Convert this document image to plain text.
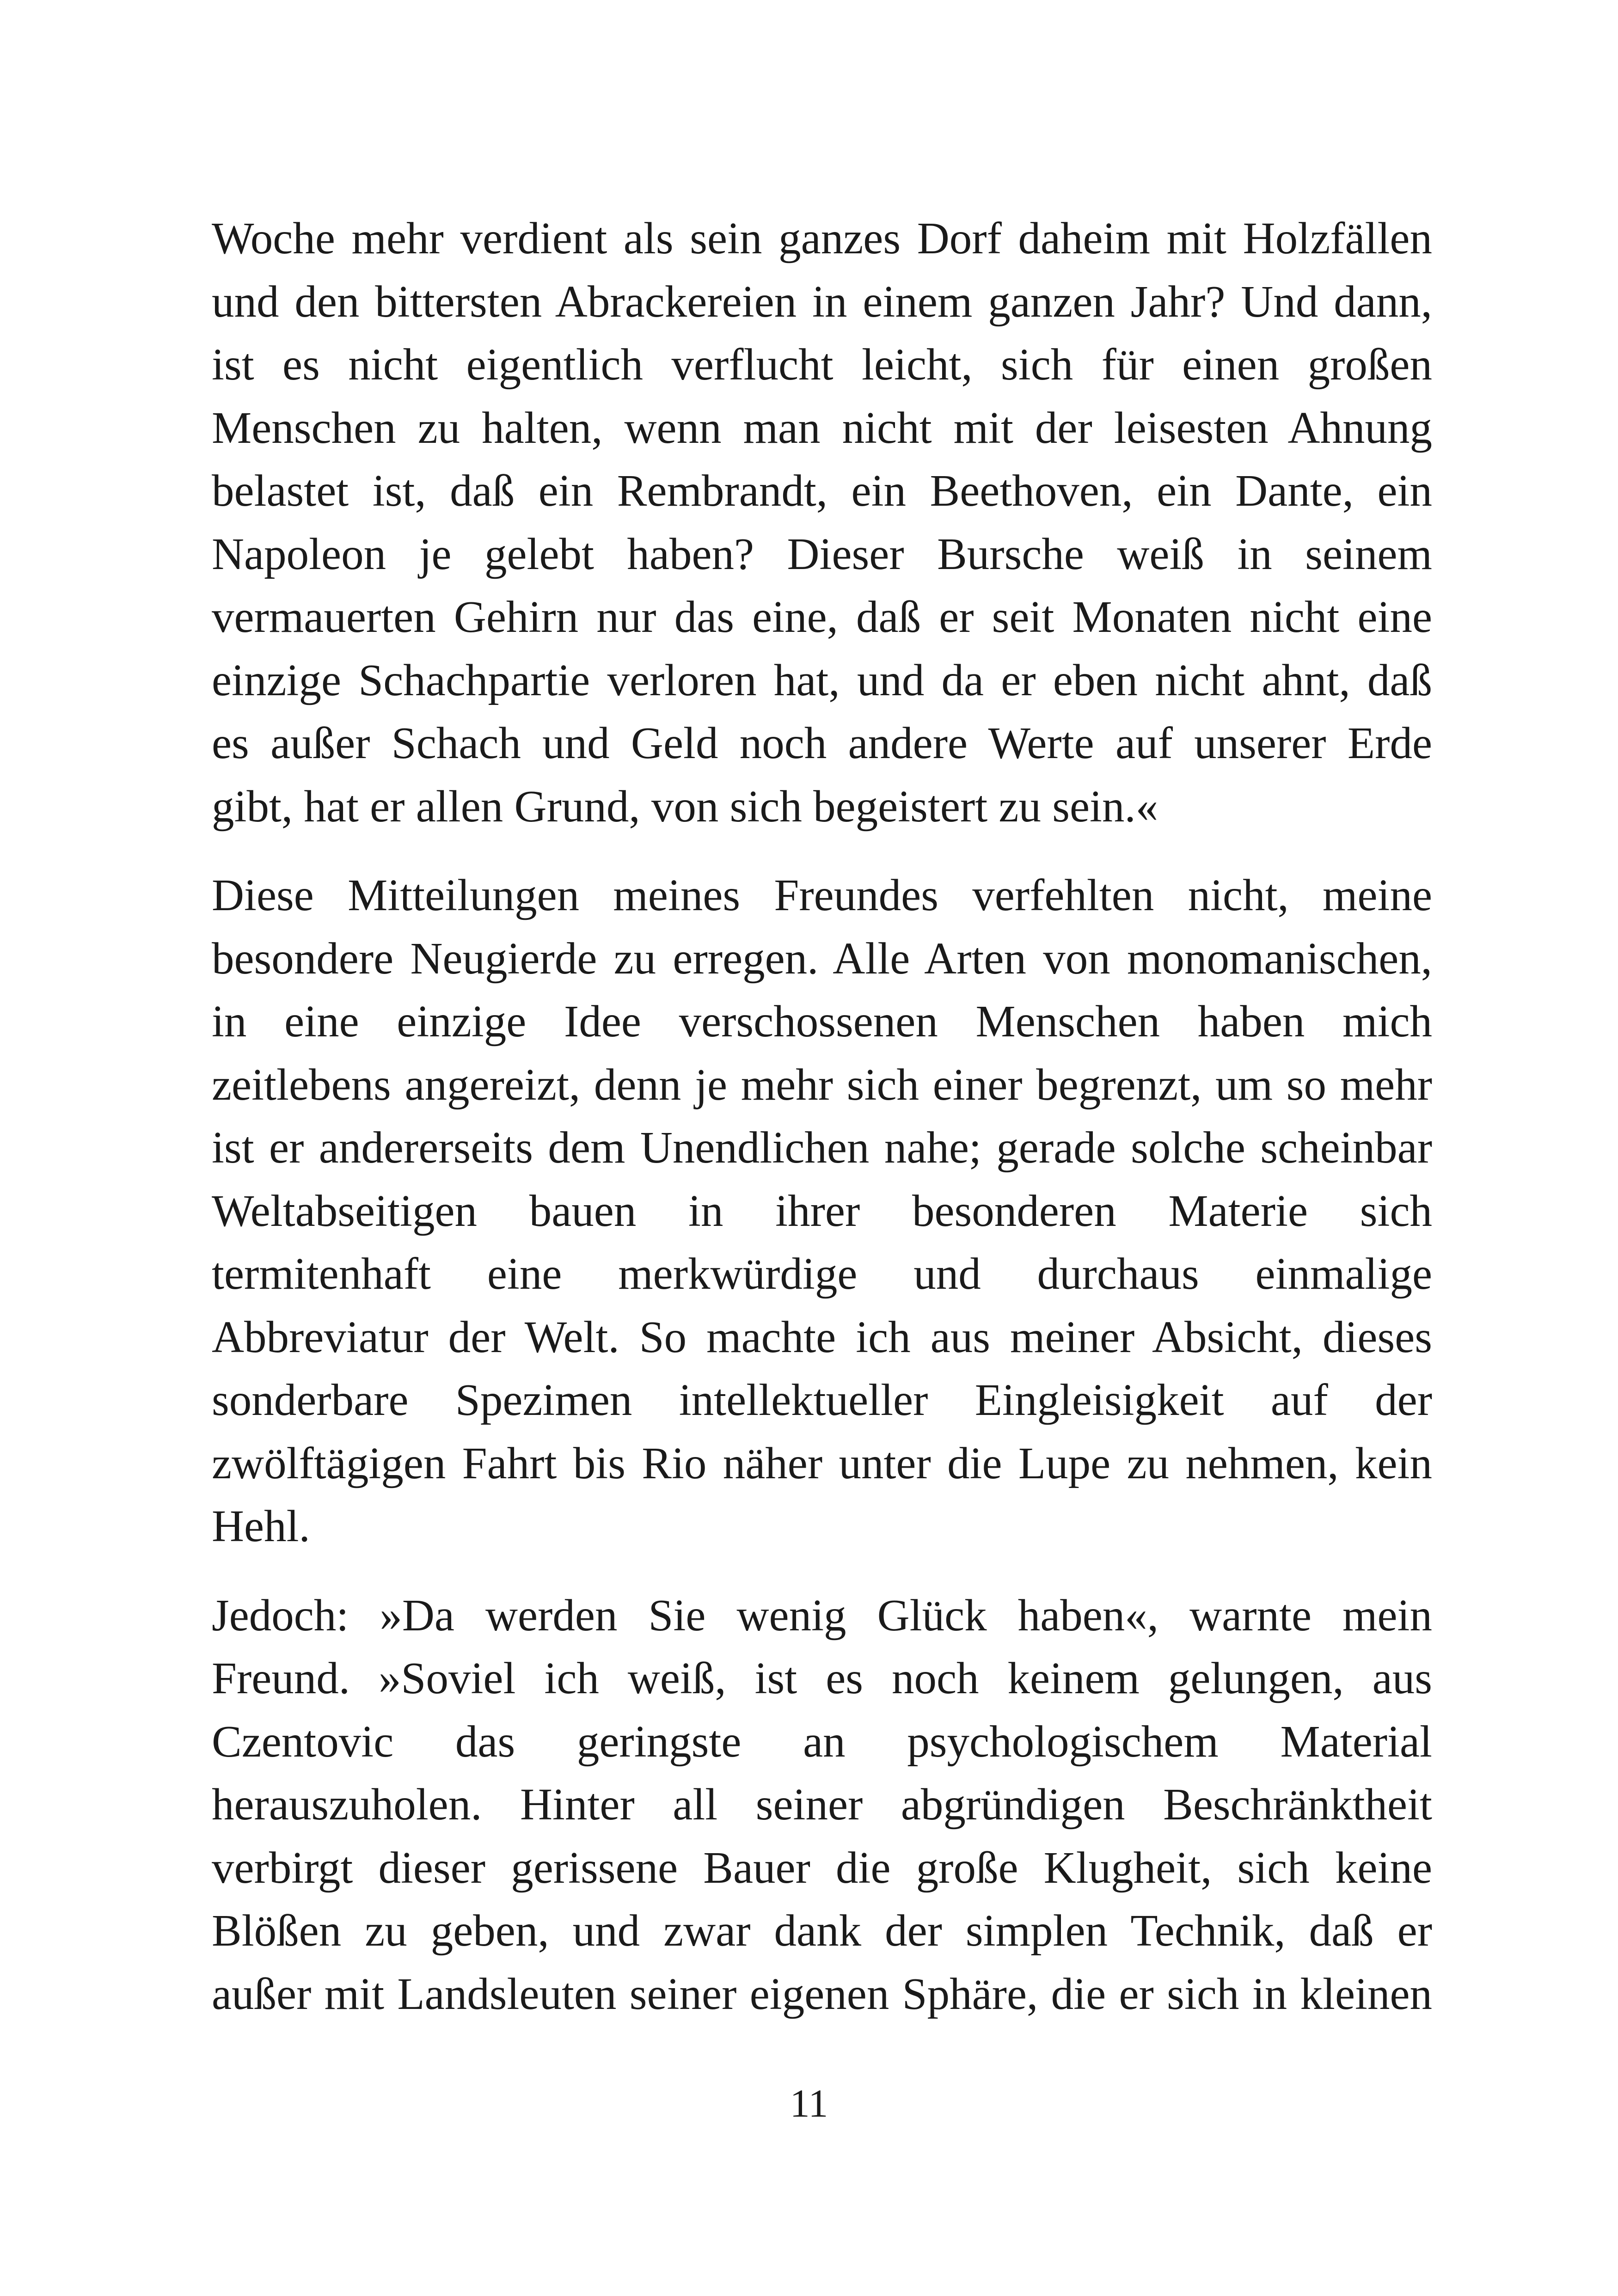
Woche mehr verdient als sein ganzes Dorf daheim mit Holzfällen
und den bittersten Abrackereien in einem ganzen Jahr? Und dann,
ist es nicht eigentlich verflucht leicht, sich für einen großen
Menschen zu halten, wenn man nicht mit der leisesten Ahnung
belastet ist, daß ein Rembrandt, ein Beethoven, ein Dante, ein
Napoleon je gelebt haben? Dieser Bursche weiß in seinem
vermauerten Gehirn nur das eine, daß er seit Monaten nicht eine
einzige Schachpartie verloren hat, und da er eben nicht ahnt, daß
es außer Schach und Geld noch andere Werte auf unserer Erde
gibt, hat er allen Grund, von sich begeistert zu sein.«
Diese Mitteilungen meines Freundes verfehlten nicht, meine
besondere Neugierde zu erregen. Alle Arten von monomanischen,
in eine einzige Idee verschossenen Menschen haben mich
zeitlebens angereizt, denn je mehr sich einer begrenzt, um so mehr
ist er andererseits dem Unendlichen nahe; gerade solche scheinbar
Weltabseitigen bauen in ihrer besonderen Materie sich
termitenhaft eine merkwürdige und durchaus einmalige
Abbreviatur der Welt. So machte ich aus meiner Absicht, dieses
sonderbare Spezimen intellektueller Eingleisigkeit auf der
zwölftägigen Fahrt bis Rio näher unter die Lupe zu nehmen, kein
Hehl.
Jedoch: »Da werden Sie wenig Glück haben«, warnte mein
Freund. »Soviel ich weiß, ist es noch keinem gelungen, aus
Czentovic das geringste an psychologischem Material
herauszuholen. Hinter all seiner abgründigen Beschränktheit
verbirgt dieser gerissene Bauer die große Klugheit, sich keine
Blößen zu geben, und zwar dank der simplen Technik, daß er
außer mit Landsleuten seiner eigenen Sphäre, die er sich in kleinen
11
